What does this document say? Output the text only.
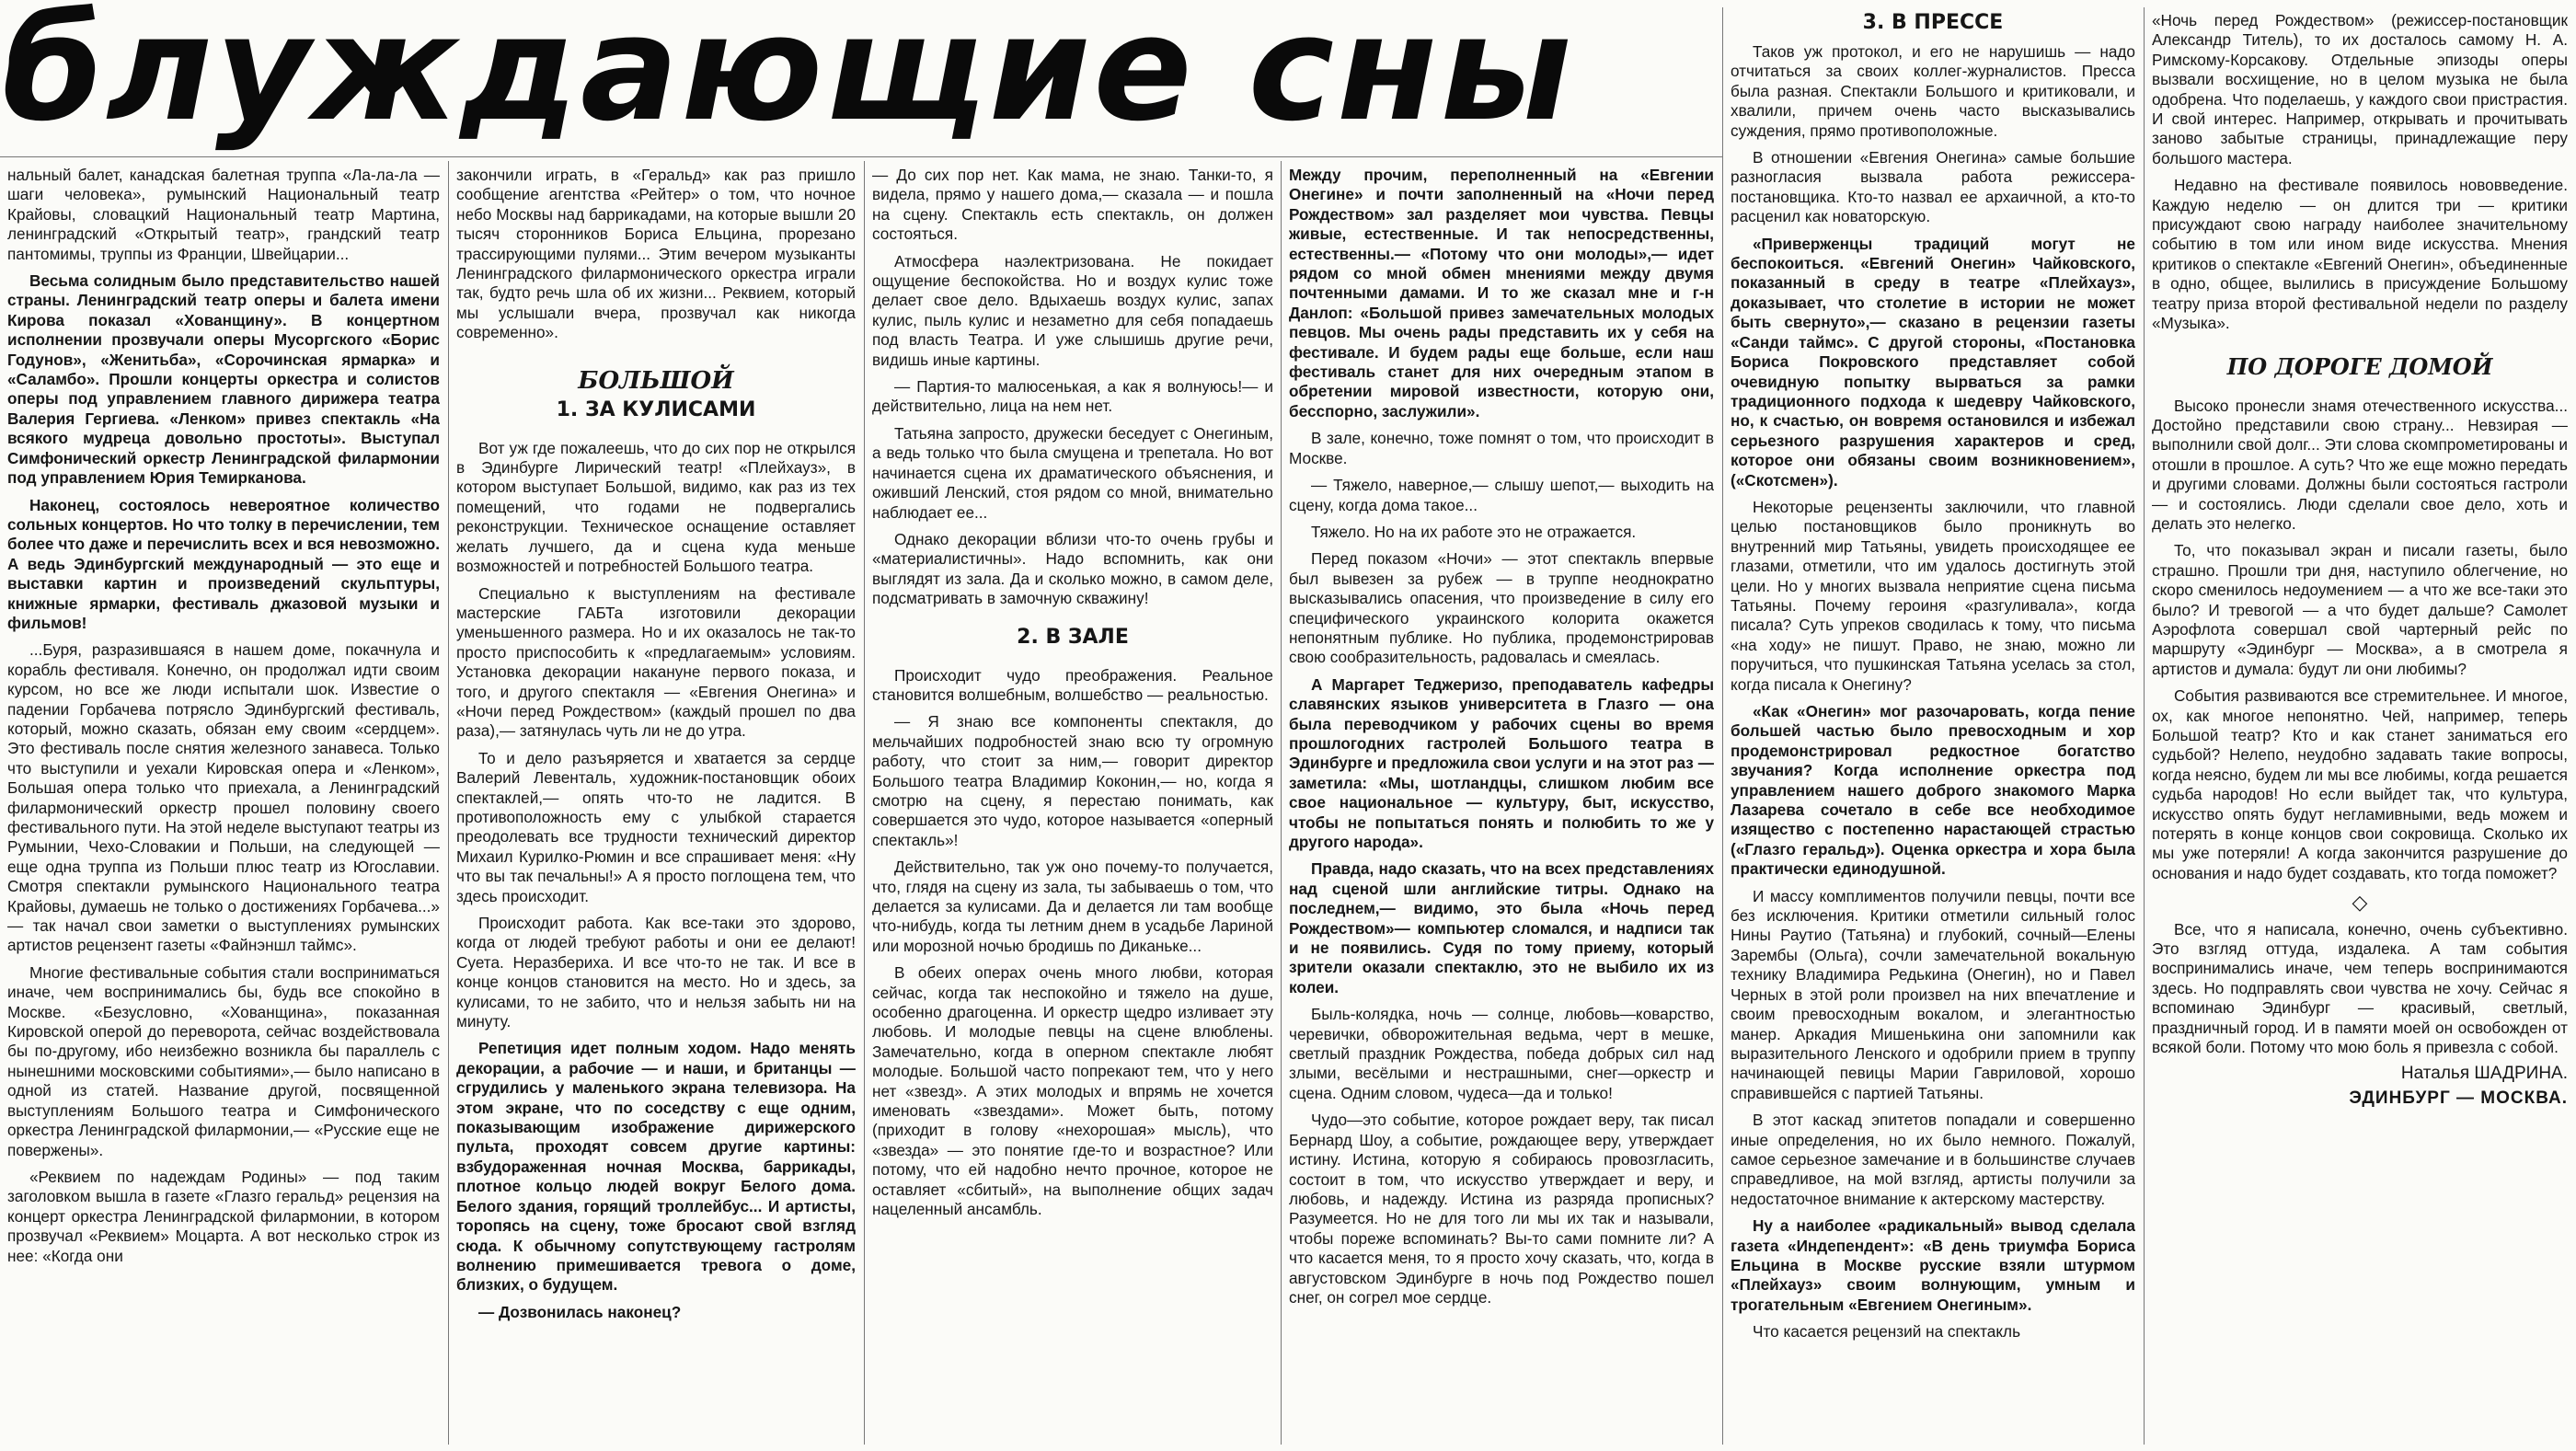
блуждающие сны

нальный балет, канадская балетная труппа «Ла-ла-ла — шаги человека», румынский Национальный театр Крайовы, словацкий Национальный театр Мартина, ленинградский «Открытый театр», грандский театр пантомимы, труппы из Франции, Швейцарии...

Весьма солидным было представительство нашей страны. Ленинградский театр оперы и балета имени Кирова показал «Хованщину». В концертном исполнении прозвучали оперы Мусоргского «Борис Годунов», «Женитьба», «Сорочинская ярмарка» и «Саламбо». Прошли концерты оркестра и солистов оперы под управлением главного дирижера театра Валерия Гергиева. «Ленком» привез спектакль «На всякого мудреца довольно простоты». Выступал Симфонический оркестр Ленинградской филармонии под управлением Юрия Темирканова.

Наконец, состоялось невероятное количество сольных концертов. Но что толку в перечислении, тем более что даже и перечислить всех и вся невозможно. А ведь Эдинбургский международный — это еще и выставки картин и произведений скульптуры, книжные ярмарки, фестиваль джазовой музыки и фильмов!

...Буря, разразившаяся в нашем доме, покачнула и корабль фестиваля. Конечно, он продолжал идти своим курсом, но все же люди испытали шок. Известие о падении Горбачева потрясло Эдинбургский фестиваль, который, можно сказать, обязан ему своим «сердцем». Это фестиваль после снятия железного занавеса. Только что выступили и уехали Кировская опера и «Ленком», Большая опера только что приехала, а Ленинградский филармонический оркестр прошел половину своего фестивального пути. На этой неделе выступают театры из Румынии, Чехо-Словакии и Польши, на следующей — еще одна труппа из Польши плюс театр из Югославии. Смотря спектакли румынского Национального театра Крайовы, думаешь не только о достижениях Горбачева...» — так начал свои заметки о выступлениях румынских артистов рецензент газеты «Файнэншл таймс».

Многие фестивальные события стали восприниматься иначе, чем воспринимались бы, будь все спокойно в Москве. «Безусловно, «Хованщина», показанная Кировской оперой до переворота, сейчас воздействовала бы по-другому, ибо неизбежно возникла бы параллель с нынешними московскими событиями»,— было написано в одной из статей. Название другой, посвященной выступлениям Большого театра и Симфонического оркестра Ленинградской филармонии,— «Русские еще не повержены».

«Реквием по надеждам Родины» — под таким заголовком вышла в газете «Глазго геральд» рецензия на концерт оркестра Ленинградской филармонии, в котором прозвучал «Реквием» Моцарта. А вот несколько строк из нее: «Когда они

закончили играть, в «Геральд» как раз пришло сообщение агентства «Рейтер» о том, что ночное небо Москвы над баррикадами, на которые вышли 20 тысяч сторонников Бориса Ельцина, прорезано трассирующими пулями... Этим вечером музыканты Ленинградского филармонического оркестра играли так, будто речь шла об их жизни... Реквием, который мы услышали вчера, прозвучал как никогда современно».

БОЛЬШОЙ
1. ЗА КУЛИСАМИ

Вот уж где пожалеешь, что до сих пор не открылся в Эдинбурге Лирический театр! «Плейхауз», в котором выступает Большой, видимо, как раз из тех помещений, что годами не подвергались реконструкции. Техническое оснащение оставляет желать лучшего, да и сцена куда меньше возможностей и потребностей Большого театра.

Специально к выступлениям на фестивале мастерские ГАБТа изготовили декорации уменьшенного размера. Но и их оказалось не так-то просто приспособить к «предлагаемым» условиям. Установка декорации накануне первого показа, и того, и другого спектакля — «Евгения Онегина» и «Ночи перед Рождеством» (каждый прошел по два раза),— затянулась чуть ли не до утра.

То и дело разъяряется и хватается за сердце Валерий Левенталь, художник-постановщик обоих спектаклей,— опять что-то не ладится. В противоположность ему с улыбкой старается преодолевать все трудности технический директор Михаил Курилко-Рюмин и все спрашивает меня: «Ну что вы так печальны!» А я просто поглощена тем, что здесь происходит.

Происходит работа. Как все-таки это здорово, когда от людей требуют работы и они ее делают! Суета. Неразбериха. И все что-то не так. И все в конце концов становится на место. Но и здесь, за кулисами, то не забито, что и нельзя забыть ни на минуту.

Репетиция идет полным ходом. Надо менять декорации, а рабочие — и наши, и британцы — сгрудились у маленького экрана телевизора. На этом экране, что по соседству с еще одним, показывающим изображение дирижерского пульта, проходят совсем другие картины: взбудораженная ночная Москва, баррикады, плотное кольцо людей вокруг Белого дома. Белого здания, горящий троллейбус... И артисты, торопясь на сцену, тоже бросают свой взгляд сюда. К обычному сопутствующему гастролям волнению примешивается тревога о доме, близких, о будущем.

— Дозвонилась наконец?

— До сих пор нет. Как мама, не знаю. Танки-то, я видела, прямо у нашего дома,— сказала — и пошла на сцену. Спектакль есть спектакль, он должен состояться.

Атмосфера наэлектризована. Не покидает ощущение беспокойства. Но и воздух кулис тоже делает свое дело. Вдыхаешь воздух кулис, запах кулис, пыль кулис и незаметно для себя попадаешь под власть Театра. И уже слышишь другие речи, видишь иные картины.

— Партия-то малюсенькая, а как я волнуюсь!— и действительно, лица на нем нет.

Татьяна запросто, дружески беседует с Онегиным, а ведь только что была смущена и трепетала. Но вот начинается сцена их драматического объяснения, и оживший Ленский, стоя рядом со мной, внимательно наблюдает ее...

Однако декорации вблизи что-то очень грубы и «материалистичны». Надо вспомнить, как они выглядят из зала. Да и сколько можно, в самом деле, подсматривать в замочную скважину!

2. В ЗАЛЕ

Происходит чудо преображения. Реальное становится волшебным, волшебство — реальностью.

— Я знаю все компоненты спектакля, до мельчайших подробностей знаю всю ту огромную работу, что стоит за ним,— говорит директор Большого театра Владимир Коконин,— но, когда я смотрю на сцену, я перестаю понимать, как совершается это чудо, которое называется «оперный спектакль»!

Действительно, так уж оно почему-то получается, что, глядя на сцену из зала, ты забываешь о том, что делается за кулисами. Да и делается ли там вообще что-нибудь, когда ты летним днем в усадьбе Лариной или морозной ночью бродишь по Диканьке...

В обеих операх очень много любви, которая сейчас, когда так неспокойно и тяжело на душе, особенно драгоценна. И оркестр щедро изливает эту любовь. И молодые певцы на сцене влюблены. Замечательно, когда в оперном спектакле любят молодые. Большой часто попрекают тем, что у него нет «звезд». А этих молодых и впрямь не хочется именовать «звездами». Может быть, потому (приходит в голову «нехорошая» мысль), что «звезда» — это понятие где-то и возрастное? Или потому, что ей надобно нечто прочное, которое не оставляет «сбитый», на выполнение общих задач нацеленный ансамбль.

Между прочим, переполненный на «Евгении Онегине» и почти заполненный на «Ночи перед Рождеством» зал разделяет мои чувства. Певцы живые, естественные. И так непосредственны, естественны.— «Потому что они молоды»,— идет рядом со мной обмен мнениями между двумя почтенными дамами. И то же сказал мне и г-н Данлоп: «Большой привез замечательных молодых певцов. Мы очень рады представить их у себя на фестивале. И будем рады еще больше, если наш фестиваль станет для них очередным этапом в обретении мировой известности, которую они, бесспорно, заслужили».

В зале, конечно, тоже помнят о том, что происходит в Москве.

— Тяжело, наверное,— слышу шепот,— выходить на сцену, когда дома такое...

Тяжело. Но на их работе это не отражается.

Перед показом «Ночи» — этот спектакль впервые был вывезен за рубеж — в труппе неоднократно высказывались опасения, что произведение в силу его специфического украинского колорита окажется непонятным публике. Но публика, продемонстрировав свою сообразительность, радовалась и смеялась.

А Маргарет Теджеризо, преподаватель кафедры славянских языков университета в Глазго — она была переводчиком у рабочих сцены во время прошлогодних гастролей Большого театра в Эдинбурге и предложила свои услуги и на этот раз — заметила: «Мы, шотландцы, слишком любим все свое национальное — культуру, быт, искусство, чтобы не попытаться понять и полюбить то же у другого народа».

Правда, надо сказать, что на всех представлениях над сценой шли английские титры. Однако на последнем,— видимо, это была «Ночь перед Рождеством»— компьютер сломался, и надписи так и не появились. Судя по тому приему, который зрители оказали спектаклю, это не выбило их из колеи.

Быль-колядка, ночь — солнце, любовь—коварство, черевички, обворожительная ведьма, черт в мешке, светлый праздник Рождества, победа добрых сил над злыми, весёлыми и нестрашными, снег—оркестр и сцена. Одним словом, чудеса—да и только!

Чудо—это событие, которое рождает веру, так писал Бернард Шоу, а событие, рождающее веру, утверждает истину. Истина, которую я собираюсь провозгласить, состоит в том, что искусство утверждает и веру, и любовь, и надежду. Истина из разряда прописных? Разумеется. Но не для того ли мы их так и называли, чтобы пореже вспоминать? Вы-то сами помните ли? А что касается меня, то я просто хочу сказать, что, когда в августовском Эдинбурге в ночь под Рождество пошел снег, он согрел мое сердце.

3. В ПРЕССЕ

Таков уж протокол, и его не нарушишь — надо отчитаться за своих коллег-журналистов. Пресса была разная. Спектакли Большого и критиковали, и хвалили, причем очень часто высказывались суждения, прямо противоположные.

В отношении «Евгения Онегина» самые большие разногласия вызвала работа режиссера-постановщика. Кто-то назвал ее архаичной, а кто-то расценил как новаторскую.

«Приверженцы традиций могут не беспокоиться. «Евгений Онегин» Чайковского, показанный в среду в театре «Плейхауз», доказывает, что столетие в истории не может быть свернуто»,— сказано в рецензии газеты «Санди таймс». С другой стороны, «Постановка Бориса Покровского представляет собой очевидную попытку вырваться за рамки традиционного подхода к шедевру Чайковского, но, к счастью, он вовремя остановился и избежал серьезного разрушения характеров и сред, которое они обязаны своим возникновением», («Скотсмен»).

Некоторые рецензенты заключили, что главной целью постановщиков было проникнуть во внутренний мир Татьяны, увидеть происходящее ее глазами, отметили, что им удалось достигнуть этой цели. Но у многих вызвала неприятие сцена письма Татьяны. Почему героиня «разгуливала», когда писала? Суть упреков сводилась к тому, что письма «на ходу» не пишут. Право, не знаю, можно ли поручиться, что пушкинская Татьяна уселась за стол, когда писала к Онегину?

«Как «Онегин» мог разочаровать, когда пение большей частью было превосходным и хор продемонстрировал редкостное богатство звучания? Когда исполнение оркестра под управлением нашего доброго знакомого Марка Лазарева сочетало в себе все необходимое изящество с постепенно нарастающей страстью («Глазго геральд»). Оценка оркестра и хора была практически единодушной.

И массу комплиментов получили певцы, почти все без исключения. Критики отметили сильный голос Нины Раутио (Татьяна) и глубокий, сочный—Елены Зарембы (Ольга), сочли замечательной вокальную технику Владимира Редькина (Онегин), но и Павел Черных в этой роли произвел на них впечатление и своим превосходным вокалом, и элегантностью манер. Аркадия Мишенькина они запомнили как выразительного Ленского и одобрили прием в труппу начинающей певицы Марии Гавриловой, хорошо справившейся с партией Татьяны.

В этот каскад эпитетов попадали и совершенно иные определения, но их было немного. Пожалуй, самое серьезное замечание и в большинстве случаев справедливое, на мой взгляд, артисты получили за недостаточное внимание к актерскому мастерству.

Ну а наиболее «радикальный» вывод сделала газета «Индепендент»: «В день триумфа Бориса Ельцина в Москве русские взяли штурмом «Плейхауз» своим волнующим, умным и трогательным «Евгением Онегиным».

Что касается рецензий на спектакль

«Ночь перед Рождеством» (режиссер-постановщик Александр Титель), то их досталось самому Н. А. Римскому-Корсакову. Отдельные эпизоды оперы вызвали восхищение, но в целом музыка не была одобрена. Что поделаешь, у каждого свои пристрастия. И свой интерес. Например, открывать и прочитывать заново забытые страницы, принадлежащие перу большого мастера.

Недавно на фестивале появилось нововведение. Каждую неделю — он длится три — критики присуждают свою награду наиболее значительному событию в том или ином виде искусства. Мнения критиков о спектакле «Евгений Онегин», объединенные в одно, общее, вылились в присуждение Большому театру приза второй фестивальной недели по разделу «Музыка».

ПО ДОРОГЕ ДОМОЙ

Высоко пронесли знамя отечественного искусства... Достойно представили свою страну... Невзирая — выполнили свой долг... Эти слова скомпрометированы и отошли в прошлое. А суть? Что же еще можно передать и другими словами. Должны были состояться гастроли — и состоялись. Люди сделали свое дело, хоть и делать это нелегко.

То, что показывал экран и писали газеты, было страшно. Прошли три дня, наступило облегчение, но скоро сменилось недоумением — а что же все-таки это было? И тревогой — а что будет дальше? Самолет Аэрофлота совершал свой чартерный рейс по маршруту «Эдинбург — Москва», а в смотрела я артистов и думала: будут ли они любимы?

События развиваются все стремительнее. И многое, ох, как многое непонятно. Чей, например, теперь Большой театр? Кто и как станет заниматься его судьбой? Нелепо, неудобно задавать такие вопросы, когда неясно, будем ли мы все любимы, когда решается судьба народов! Но если выйдет так, что культура, искусство опять будут негламивными, ведь можем и потерять в конце концов свои сокровища. Сколько их мы уже потеряли! А когда закончится разрушение до основания и надо будет создавать, кто тогда поможет?

◇

Все, что я написала, конечно, очень субъективно. Это взгляд оттуда, издалека. А там события воспринимались иначе, чем теперь воспринимаются здесь. Но подправлять свои чувства не хочу. Сейчас я вспоминаю Эдинбург — красивый, светлый, праздничный город. И в памяти моей он освобожден от всякой боли. Потому что мою боль я привезла с собой.

Наталья ШАДРИНА.
ЭДИНБУРГ — МОСКВА.
